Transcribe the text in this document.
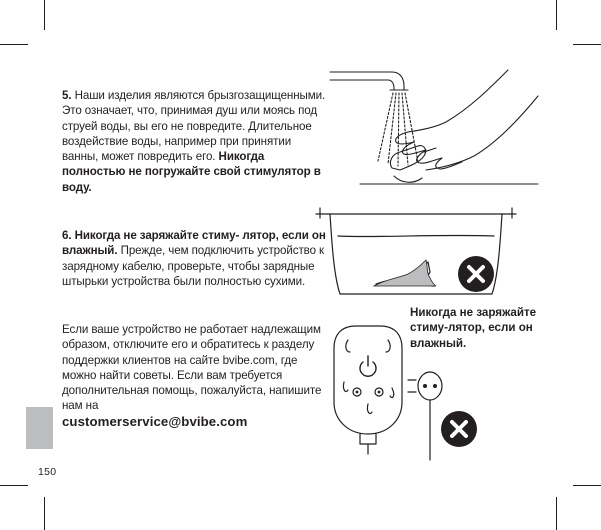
5. Наши изделия являются брызгозащищенными. Это означает, что, принимая душ или моясь под струей воды, вы его не повредите. Длительное воздействие воды, например при принятии ванны, может повредить его. Никогда полностью не погружайте свой стимулятор в воду.

6. Никогда не заряжайте стиму- лятор, если он влажный. Прежде, чем подключить устройство к зарядному кабелю, проверьте, чтобы зарядные штырьки устройства были полностью сухими.

Если ваше устройство не работает надлежащим образом, отключите его и обратитесь к разделу поддержки клиентов на сайте bvibe.com, где можно найти советы. Если вам требуется дополнительная помощь, пожалуйста, напишите нам на
customerservice@bvibe.com

150
Никогда не заряжайте стиму-лятор, если он влажный.
